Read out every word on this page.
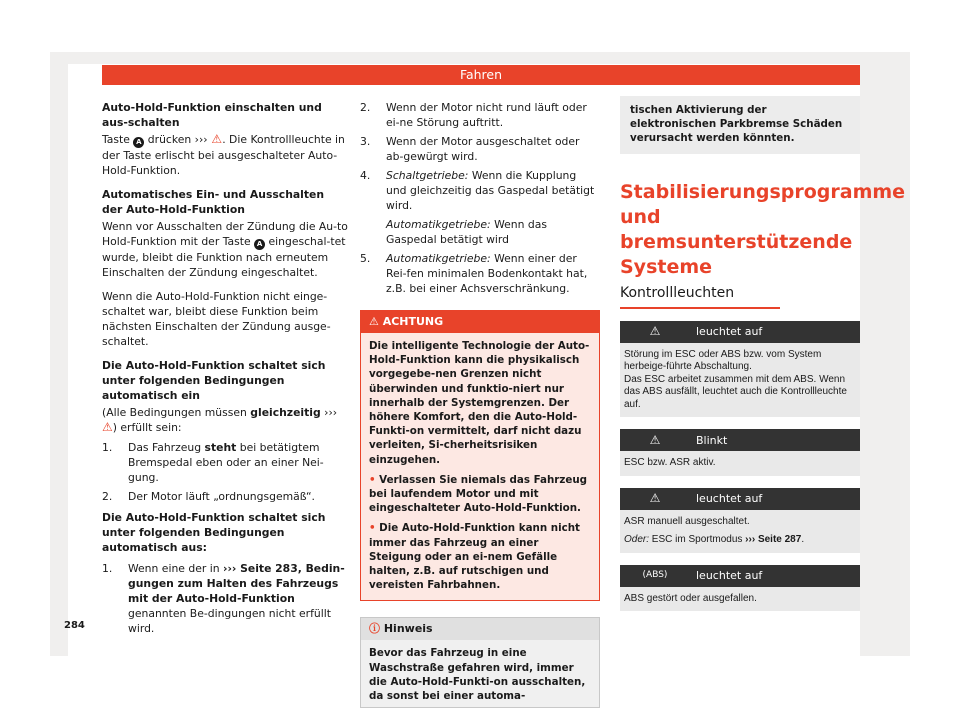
Fahren
Auto-Hold-Funktion einschalten und aus-schalten

Taste A drücken ››› ⚠. Die Kontrollleuchte in der Taste erlischt bei ausgeschalteter Auto-Hold-Funktion.

Automatisches Ein- und Ausschalten der Auto-Hold-Funktion

Wenn vor Ausschalten der Zündung die Au-to Hold-Funktion mit der Taste A eingeschal-tet wurde, bleibt die Funktion nach erneutem Einschalten der Zündung eingeschaltet.

Wenn die Auto-Hold-Funktion nicht einge-schaltet war, bleibt diese Funktion beim nächsten Einschalten der Zündung ausge-schaltet.

Die Auto-Hold-Funktion schaltet sich unter folgenden Bedingungen automatisch ein

(Alle Bedingungen müssen gleichzeitig ››› ⚠) erfüllt sein:

1.	Das Fahrzeug steht bei betätigtem Bremspedal eben oder an einer Nei-gung.
2.	Der Motor läuft „ordnungsgemäß“.
Die Auto-Hold-Funktion schaltet sich unter folgenden Bedingungen automatisch aus:
1.	Wenn eine der in ››› Seite 283, Bedin-gungen zum Halten des Fahrzeugs mit der Auto-Hold-Funktion genannten Be-dingungen nicht erfüllt wird.
2.	Wenn der Motor nicht rund läuft oder ei-ne Störung auftritt.
3.	Wenn der Motor ausgeschaltet oder ab-gewürgt wird.
4.	Schaltgetriebe: Wenn die Kupplung und gleichzeitig das Gaspedal betätigt wird.
Automatikgetriebe: Wenn das Gaspedal betätigt wird
5.	Automatikgetriebe: Wenn einer der Rei-fen minimalen Bodenkontakt hat, z.B. bei einer Achsverschränkung.
⚠ ACHTUNG

Die intelligente Technologie der Auto-Hold-Funktion kann die physikalisch vorgegebe-nen Grenzen nicht überwinden und funktio-niert nur innerhalb der Systemgrenzen. Der höhere Komfort, den die Auto-Hold-Funkti-on vermittelt, darf nicht dazu verleiten, Si-cherheitsrisiken einzugehen.

• Verlassen Sie niemals das Fahrzeug bei laufendem Motor und mit eingeschalteter Auto-Hold-Funktion.

• Die Auto-Hold-Funktion kann nicht immer das Fahrzeug an einer Steigung oder an ei-nem Gefälle halten, z.B. auf rutschigen und vereisten Fahrbahnen.

ⓘ Hinweis
Bevor das Fahrzeug in eine Waschstraße gefahren wird, immer die Auto-Hold-Funkti-on ausschalten, da sonst bei einer automa-
tischen Aktivierung der elektronischen Parkbremse Schäden verursacht werden könnten.
Stabilisierungsprogramme und bremsunterstützende Systeme
Kontrollleuchten
⚠	leuchtet auf

Störung im ESC oder ABS bzw. vom System herbeige-führte Abschaltung.
Das ESC arbeitet zusammen mit dem ABS. Wenn das ABS ausfällt, leuchtet auch die Kontrollleuchte auf.

⚠	Blinkt

ESC bzw. ASR aktiv.

⚠	leuchtet auf

ASR manuell ausgeschaltet.

Oder: ESC im Sportmodus ››› Seite 287.

(ABS)	leuchtet auf

ABS gestört oder ausgefallen.

284
